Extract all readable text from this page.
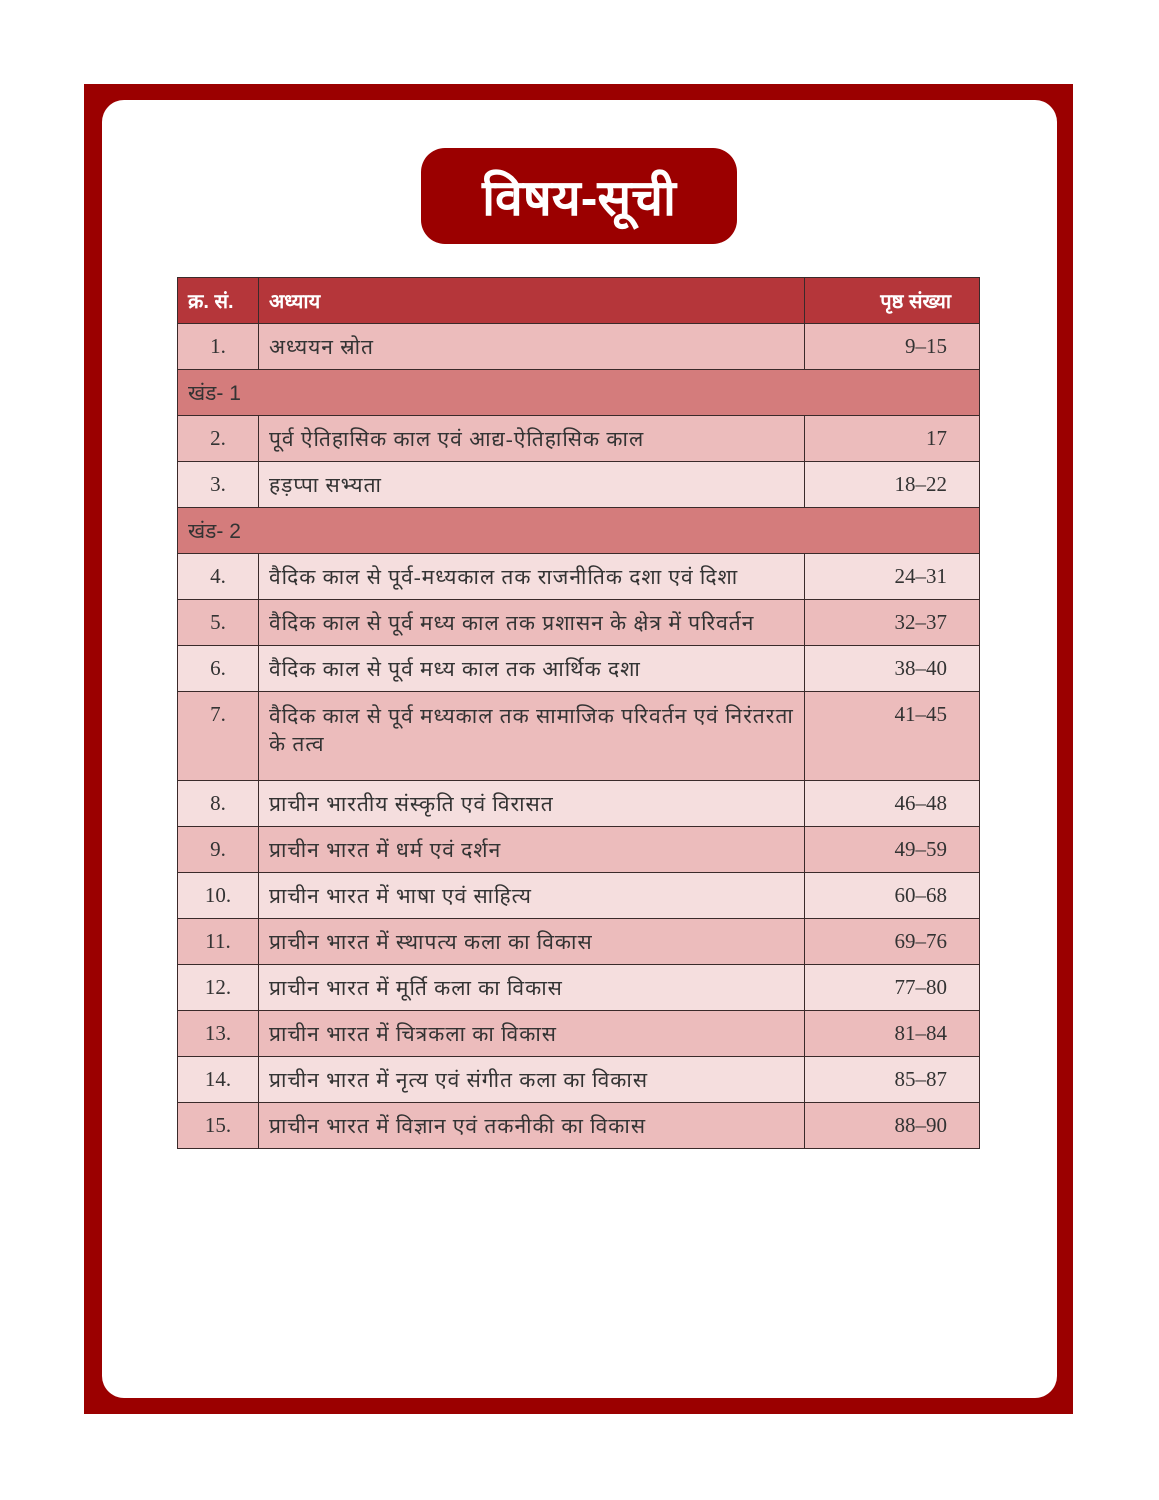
विषय-सूची
क्र. सं.	अध्याय	पृष्ठ संख्या
1.	अध्ययन स्रोत	9–15
खंड- 1		
2.	पूर्व ऐतिहासिक काल एवं आद्य-ऐतिहासिक काल	17
3.	हड़प्पा सभ्यता	18–22
खंड- 2		
4.	वैदिक काल से पूर्व-मध्यकाल तक राजनीतिक दशा एवं दिशा	24–31
5.	वैदिक काल से पूर्व मध्य काल तक प्रशासन के क्षेत्र में परिवर्तन	32–37
6.	वैदिक काल से पूर्व मध्य काल तक आर्थिक दशा	38–40
7.	वैदिक काल से पूर्व मध्यकाल तक सामाजिक परिवर्तन एवं निरंतरता के तत्व	41–45
8.	प्राचीन भारतीय संस्कृति एवं विरासत	46–48
9.	प्राचीन भारत में धर्म एवं दर्शन	49–59
10.	प्राचीन भारत में भाषा एवं साहित्य	60–68
11.	प्राचीन भारत में स्थापत्य कला का विकास	69–76
12.	प्राचीन भारत में मूर्ति कला का विकास	77–80
13.	प्राचीन भारत में चित्रकला का विकास	81–84
14.	प्राचीन भारत में नृत्य एवं संगीत कला का विकास	85–87
15.	प्राचीन भारत में विज्ञान एवं तकनीकी का विकास	88–90
